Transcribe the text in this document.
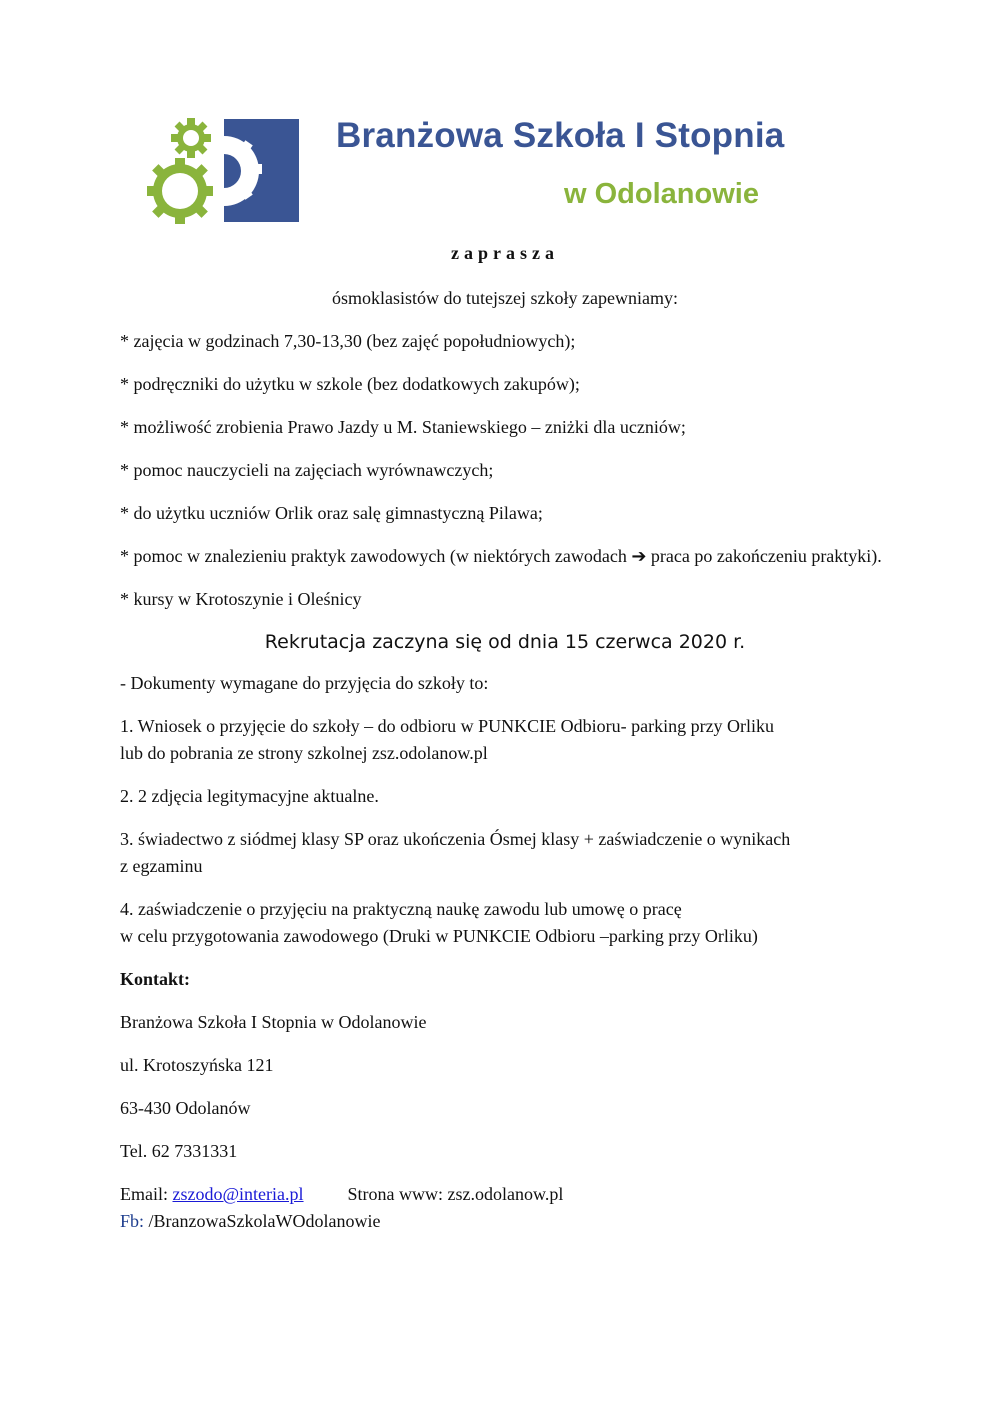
Branżowa Szkoła I Stopnia
w Odolanowie

zaprasza

ósmoklasistów do tutejszej szkoły zapewniamy:

* zajęcia w godzinach 7,30-13,30 (bez zajęć popołudniowych);

* podręczniki do użytku w szkole (bez dodatkowych zakupów);

* możliwość zrobienia Prawo Jazdy u M. Staniewskiego – zniżki dla uczniów;

* pomoc nauczycieli na zajęciach wyrównawczych;

* do użytku uczniów Orlik oraz salę gimnastyczną Pilawa;

* pomoc w znalezieniu praktyk zawodowych (w niektórych zawodach ➔ praca po zakończeniu praktyki).

* kursy w Krotoszynie i Oleśnicy

Rekrutacja zaczyna się od dnia 15 czerwca 2020 r.

- Dokumenty wymagane do przyjęcia do szkoły to:

1. Wniosek o przyjęcie do szkoły – do odbioru w PUNKCIE Odbioru- parking przy Orliku
lub do pobrania ze strony szkolnej zsz.odolanow.pl

2. 2 zdjęcia legitymacyjne aktualne.

3. świadectwo z siódmej klasy SP oraz ukończenia Ósmej klasy + zaświadczenie o wynikach
z egzaminu

4. zaświadczenie o przyjęciu na praktyczną naukę zawodu lub umowę o pracę
w celu przygotowania zawodowego (Druki w PUNKCIE Odbioru –parking przy Orliku)

Kontakt:

Branżowa Szkoła I Stopnia w Odolanowie

ul. Krotoszyńska 121

63-430 Odolanów

Tel. 62 7331331

Email: zszodo@interia.pl Strona www: zsz.odolanow.pl

Fb: /BranzowaSzkolaWOdolanowie
